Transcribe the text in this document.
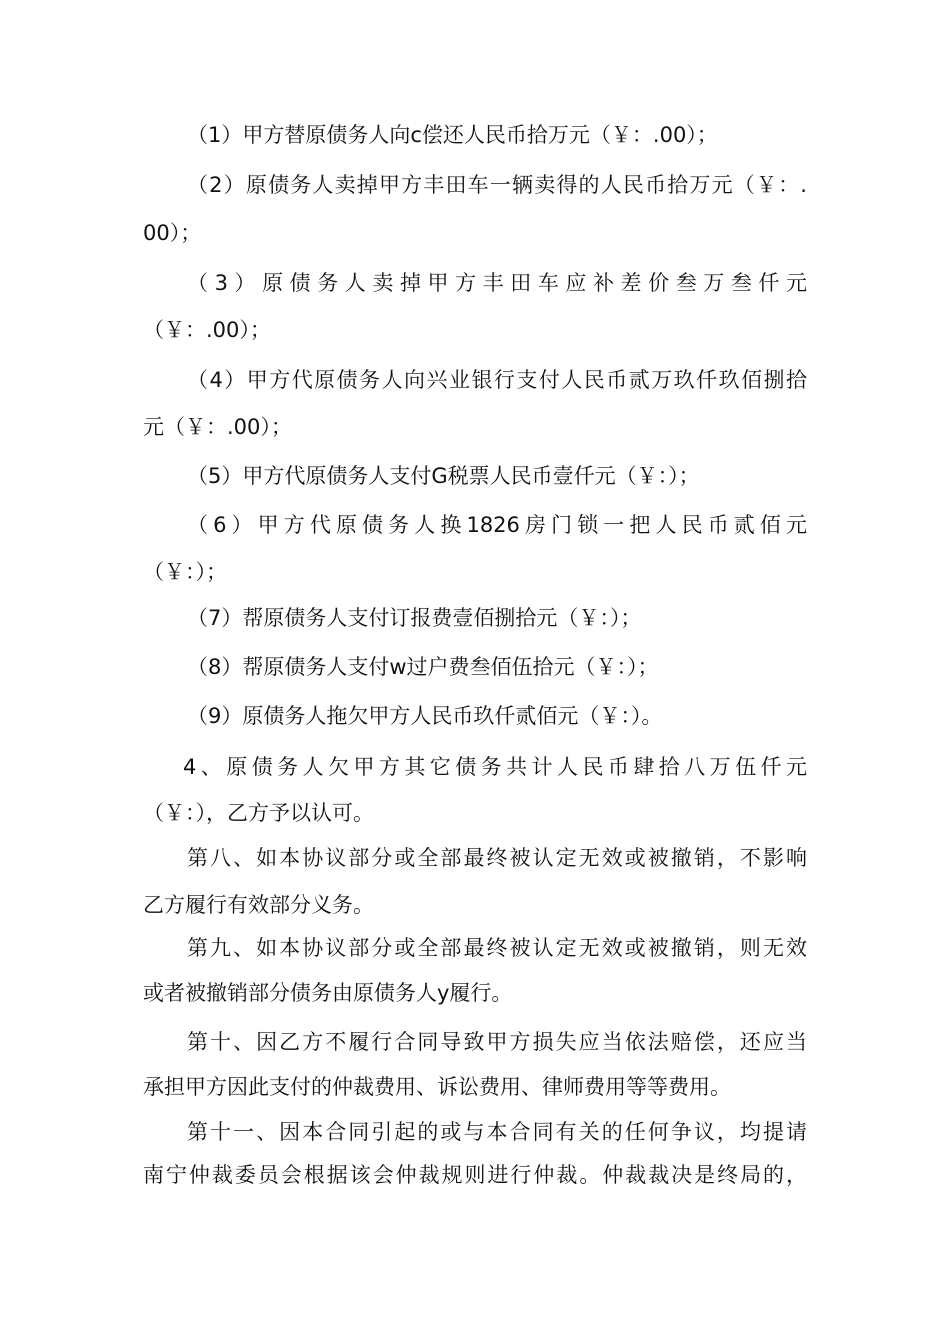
（1）甲方替原债务人向c偿还人民币拾万元（￥：.00）；
（2）原债务人卖掉甲方丰田车一辆卖得的人民币拾万元（￥：.
00）；
（3）原债务人卖掉甲方丰田车应补差价叁万叁仟元
（￥：.00）；
（4）甲方代原债务人向兴业银行支付人民币贰万玖仟玖佰捌拾
元（￥：.00）；
（5）甲方代原债务人支付G税票人民币壹仟元（￥：）；
（6）甲方代原债务人换1826房门锁一把人民币贰佰元
（￥：）；
（7）帮原债务人支付订报费壹佰捌拾元（￥：）；
（8）帮原债务人支付w过户费叁佰伍拾元（￥：）；
（9）原债务人拖欠甲方人民币玖仟贰佰元（￥：）。
4、原债务人欠甲方其它债务共计人民币肆拾八万伍仟元
（￥：），乙方予以认可。
第八、如本协议部分或全部最终被认定无效或被撤销，不影响
乙方履行有效部分义务。
第九、如本协议部分或全部最终被认定无效或被撤销，则无效
或者被撤销部分债务由原债务人y履行。
第十、因乙方不履行合同导致甲方损失应当依法赔偿，还应当
承担甲方因此支付的仲裁费用、诉讼费用、律师费用等等费用。
第十一、因本合同引起的或与本合同有关的任何争议，均提请
南宁仲裁委员会根据该会仲裁规则进行仲裁。仲裁裁决是终局的，
